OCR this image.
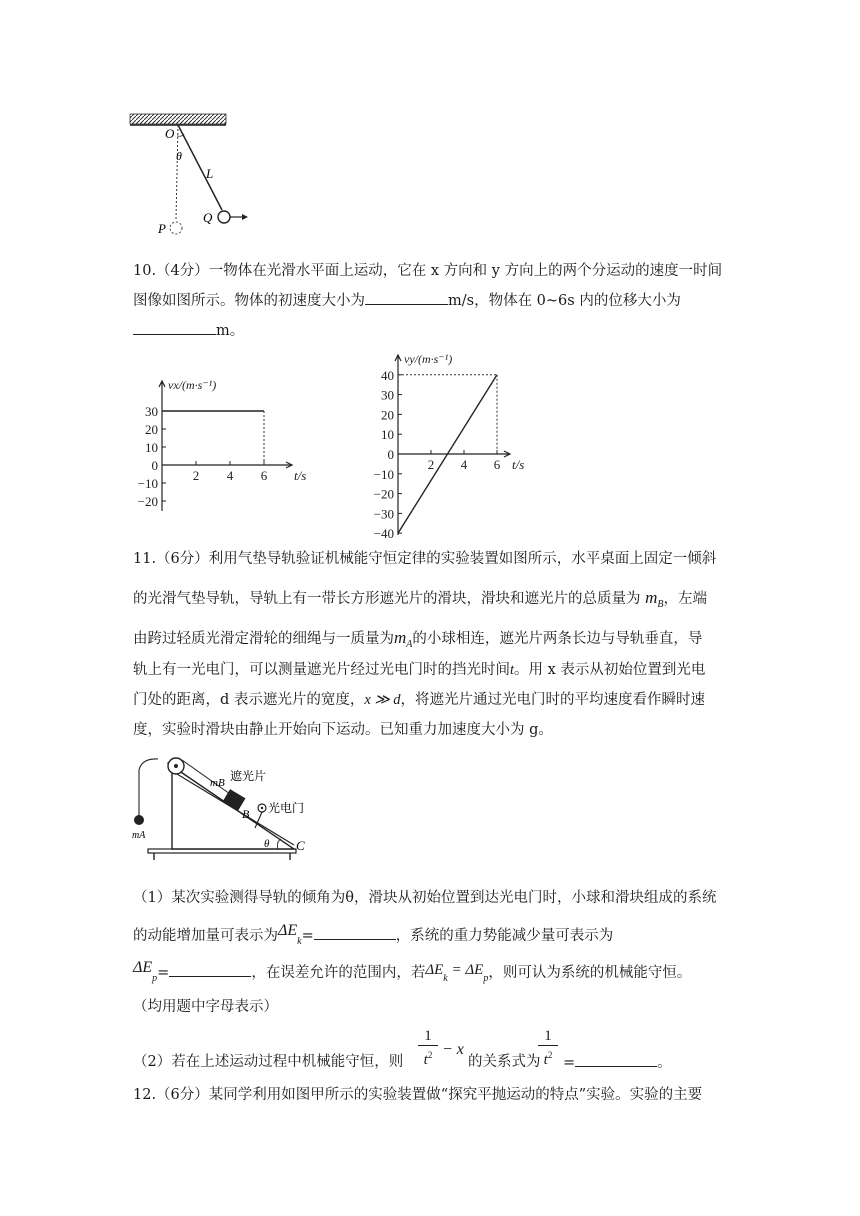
O
θ
L
Q
P
10.（4分）一物体在光滑水平面上运动，它在 x 方向和 y 方向上的两个分运动的速度一时间
图像如图所示。物体的初速度大小为	m/s，物体在 0~6s 内的位移大小为
m。
30
20
10
0
−10
−20
2 4 6
vx/(m·s⁻¹)
t/s
40
30
20
10
0
−10
−20
−30
−40
2 4 6
vy/(m·s⁻¹)
t/s
11.（6分）利用气垫导轨验证机械能守恒定律的实验装置如图所示，水平桌面上固定一倾斜
的光滑气垫导轨，导轨上有一带长方形遮光片的滑块，滑块和遮光片的总质量为 $m_B$，左端
由跨过轻质光滑定滑轮的细绳与一质量为$m_A$的小球相连，遮光片两条长边与导轨垂直，导
轨上有一光电门，可以测量遮光片经过光电门时的挡光时间t。用 x 表示从初始位置到光电
门处的距离，d 表示遮光片的宽度，x ≫ d，将遮光片通过光电门时的平均速度看作瞬时速
度，实验时滑块由静止开始向下运动。已知重力加速度大小为 g。
mB 遮光片
光电门
B
mA
θ C
（1）某次实验测得导轨的倾角为θ，滑块从初始位置到达光电门时，小球和滑块组成的系统
的动能增加量可表示为$\Delta E_k=$	，系统的重力势能减少量可表示为
$\Delta E_p=$	，在误差允许的范围内，若$\Delta E_k = \Delta E_p$，则可认为系统的机械能守恒。
（均用题中字母表示）
（2）若在上述运动过程中机械能守恒，则
1
$t^2 - x$
的关系式为
1
$t^2$ =	。
12.（6分）某同学利用如图甲所示的实验装置做“探究平抛运动的特点”实验。实验的主要
